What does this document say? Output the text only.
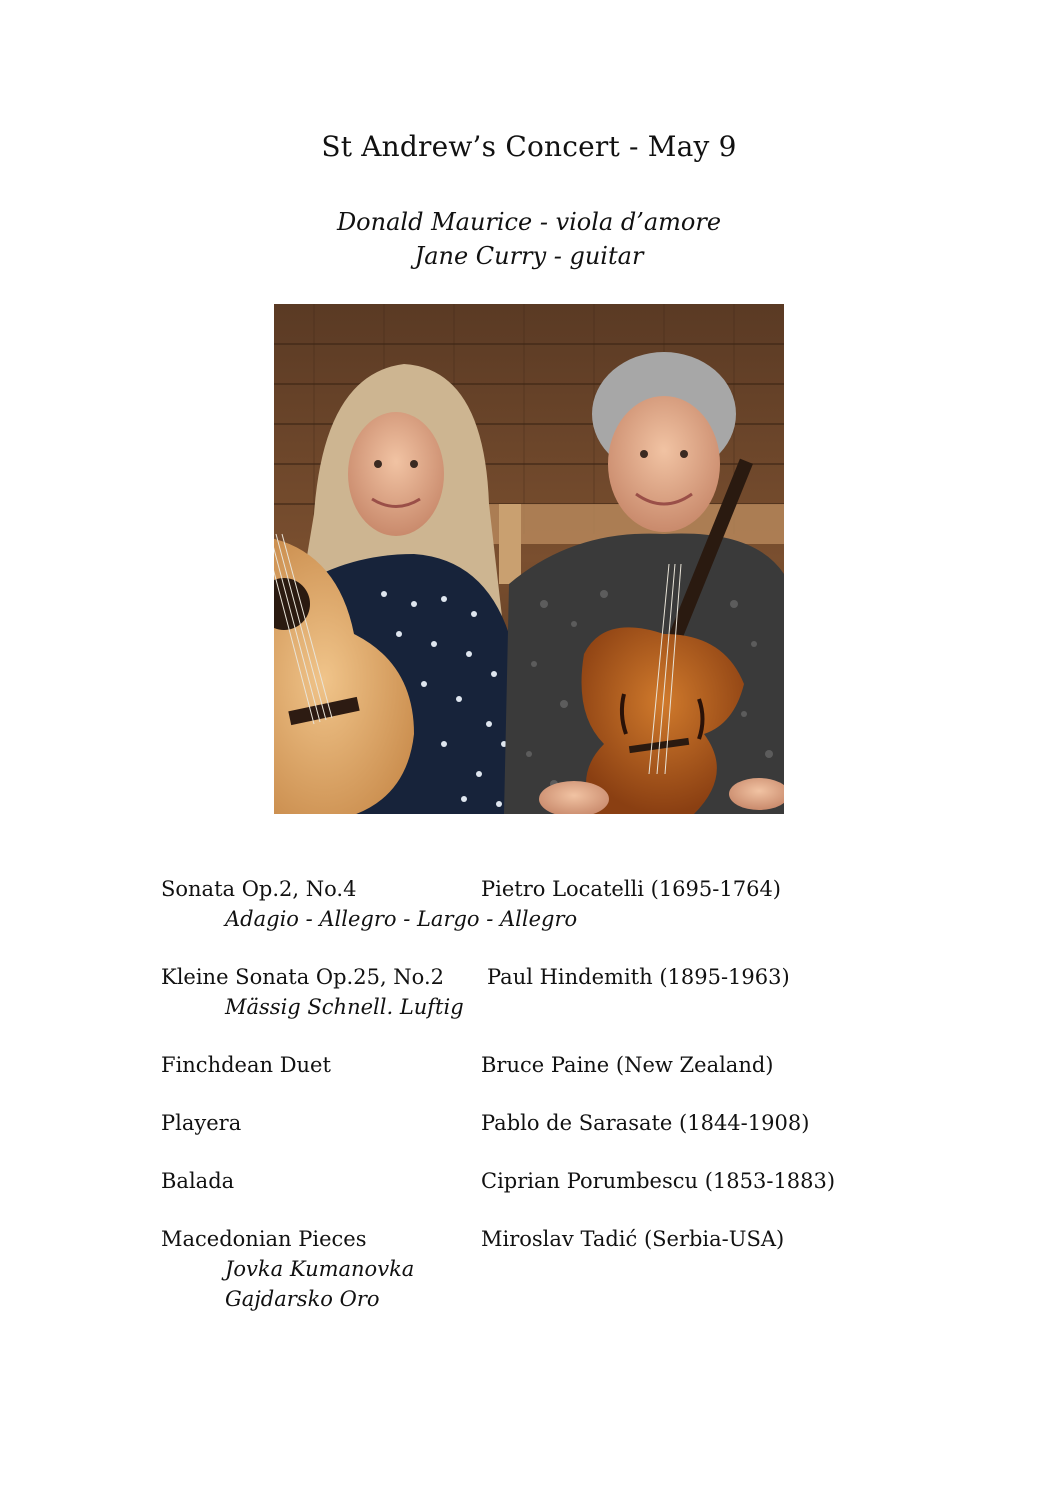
St Andrew’s Concert - May 9
Donald Maurice - viola d’amore
Jane Curry - guitar
Sonata Op.2, No.4	Pietro Locatelli (1695-1764)
Adagio - Allegro - Largo - Allegro
Kleine Sonata Op.25, No.2 Paul Hindemith (1895-1963)
Mässig Schnell. Luftig
Finchdean Duet	Bruce Paine (New Zealand)
Playera	Pablo de Sarasate (1844-1908)
Balada	Ciprian Porumbescu (1853-1883)
Macedonian Pieces	Miroslav Tadić (Serbia-USA)
Jovka Kumanovka
Gajdarsko Oro
